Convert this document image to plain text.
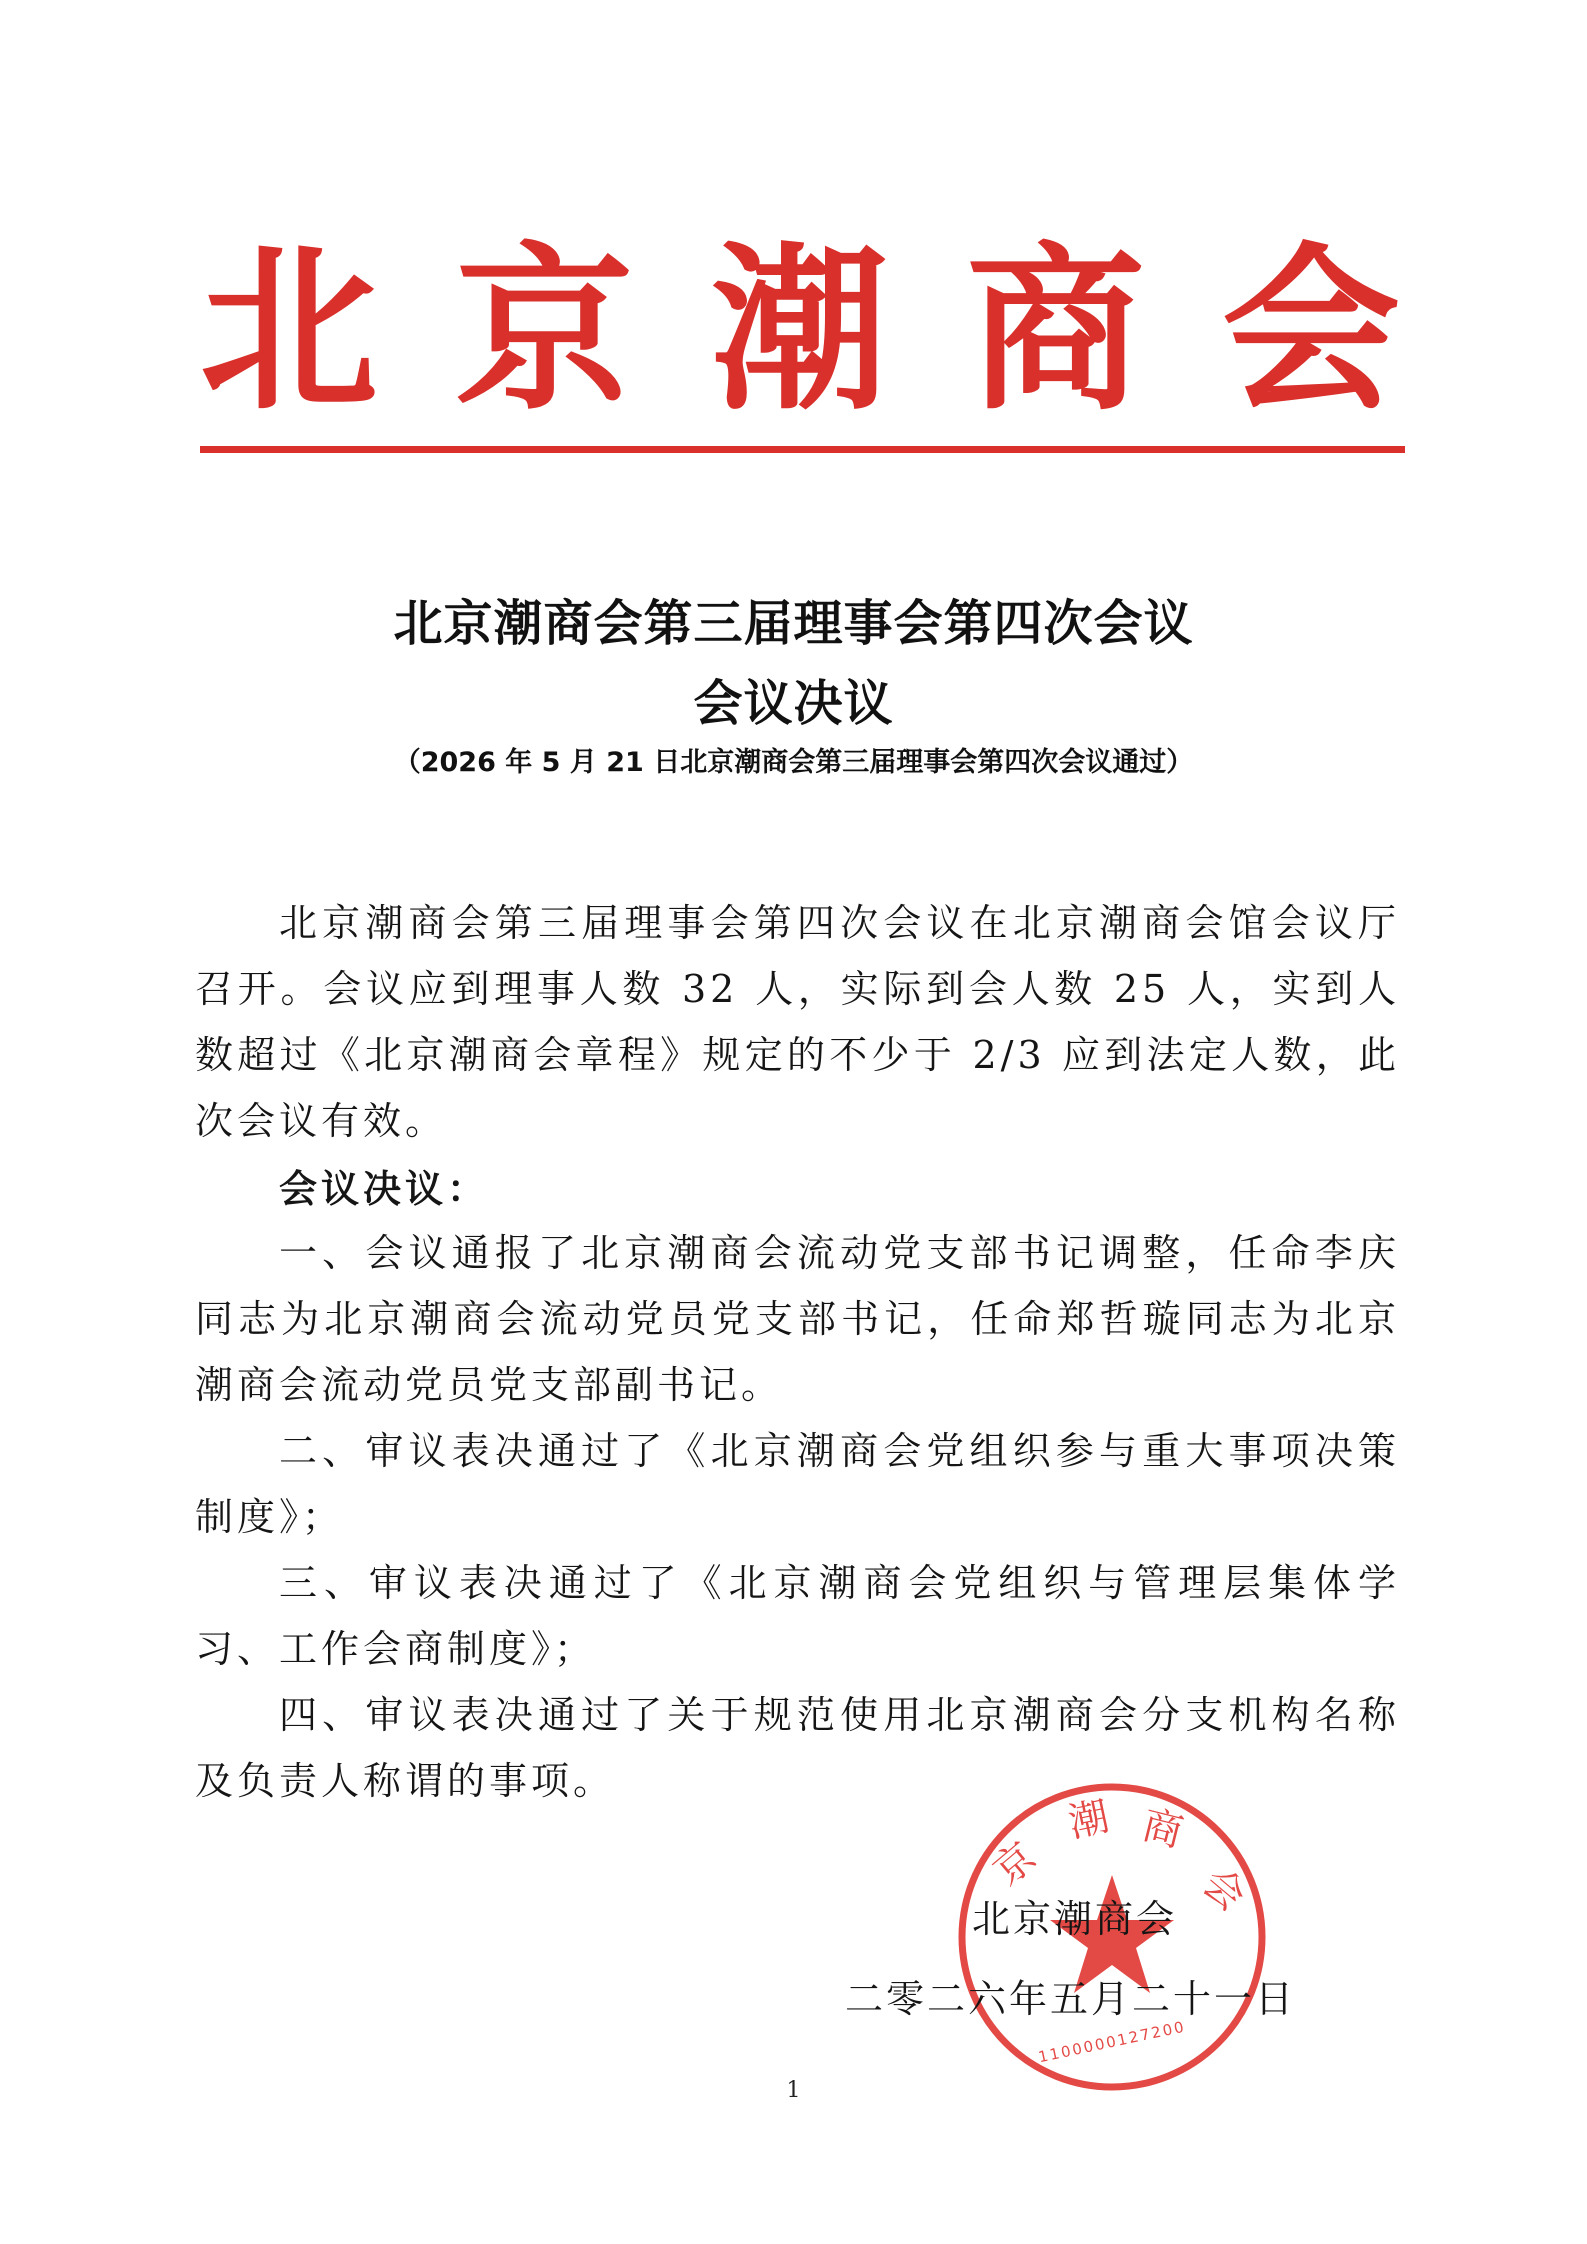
北 京 潮 商 会
北京潮商会第三届理事会第四次会议
会议决议
（2026 年 5 月 21 日北京潮商会第三届理事会第四次会议通过）

北京潮商会第三届理事会第四次会议在北京潮商会馆会议厅召开。会议应到理事人数 32 人，实际到会人数 25 人，实到人数超过《北京潮商会章程》规定的不少于 2/3 应到法定人数，此次会议有效。

会议决议：

一、会议通报了北京潮商会流动党支部书记调整，任命李庆同志为北京潮商会流动党员党支部书记，任命郑哲璇同志为北京潮商会流动党员党支部副书记。

二、审议表决通过了《北京潮商会党组织参与重大事项决策制度》；

三、审议表决通过了《北京潮商会党组织与管理层集体学习、工作会商制度》；

四、审议表决通过了关于规范使用北京潮商会分支机构名称及负责人称谓的事项。

京
潮 商
会
1100000127200
北京潮商会
二零二六年五月二十一日
1
